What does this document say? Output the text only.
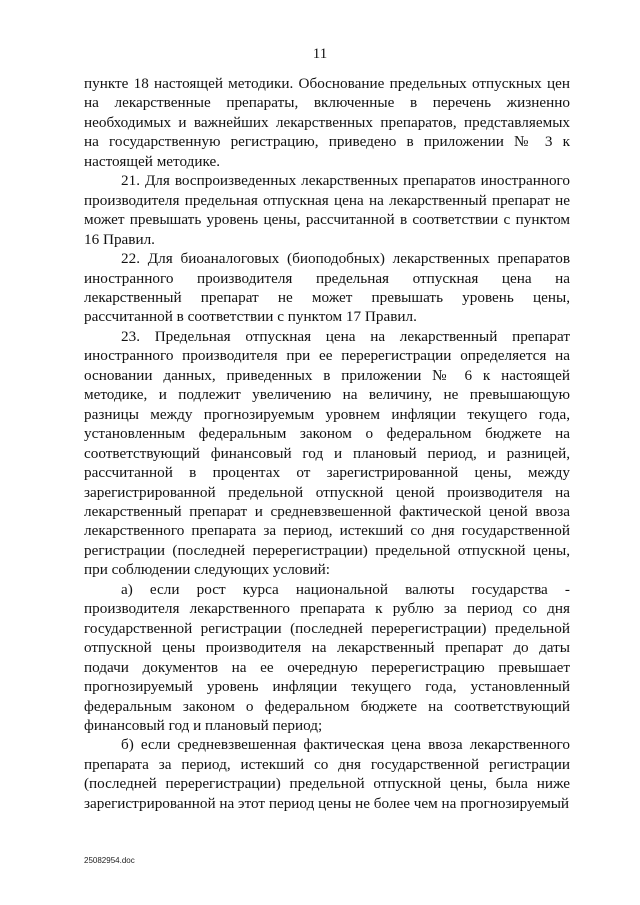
11

пункте 18 настоящей методики. Обоснование предельных отпускных цен на лекарственные препараты, включенные в перечень жизненно необходимых и важнейших лекарственных препаратов, представляемых на государственную регистрацию, приведено в приложении № 3 к настоящей методике.

21. Для воспроизведенных лекарственных препаратов иностранного производителя предельная отпускная цена на лекарственный препарат не может превышать уровень цены, рассчитанной в соответствии с пунктом 16 Правил.

22. Для биоаналоговых (биоподобных) лекарственных препаратов иностранного производителя предельная отпускная цена на лекарственный препарат не может превышать уровень цены, рассчитанной в соответствии с пунктом 17 Правил.

23. Предельная отпускная цена на лекарственный препарат иностранного производителя при ее перерегистрации определяется на основании данных, приведенных в приложении № 6 к настоящей методике, и подлежит увеличению на величину, не превышающую разницы между прогнозируемым уровнем инфляции текущего года, установленным федеральным законом о федеральном бюджете на соответствующий финансовый год и плановый период, и разницей, рассчитанной в процентах от зарегистрированной цены, между зарегистрированной предельной отпускной ценой производителя на лекарственный препарат и средневзвешенной фактической ценой ввоза лекарственного препарата за период, истекший со дня государственной регистрации (последней перерегистрации) предельной отпускной цены, при соблюдении следующих условий:

а) если рост курса национальной валюты государства - производителя лекарственного препарата к рублю за период со дня государственной регистрации (последней перерегистрации) предельной отпускной цены производителя на лекарственный препарат до даты подачи документов на ее очередную перерегистрацию превышает прогнозируемый уровень инфляции текущего года, установленный федеральным законом о федеральном бюджете на соответствующий финансовый год и плановый период;

б) если средневзвешенная фактическая цена ввоза лекарственного препарата за период, истекший со дня государственной регистрации (последней перерегистрации) предельной отпускной цены, была ниже зарегистрированной на этот период цены не более чем на прогнозируемый

25082954.doc
